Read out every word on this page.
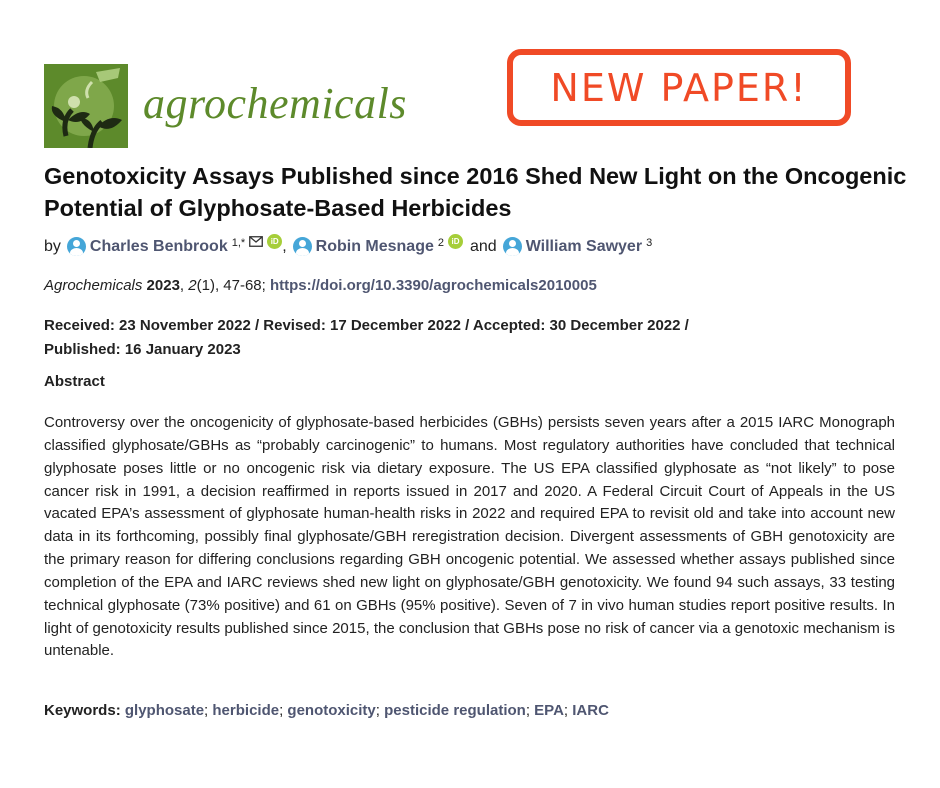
agrochemicals	NEW PAPER!
Genotoxicity Assays Published since 2016 Shed New Light on the Oncogenic Potential of Glyphosate-Based Herbicides
by Charles Benbrook $^{1,*}$	iD , Robin Mesnage $^2$ iD and William Sawyer $^3$
Agrochemicals 2023, 2(1), 47-68; https://doi.org/10.3390/agrochemicals2010005
Received: 23 November 2022 / Revised: 17 December 2022 / Accepted: 30 December 2022 /
Published: 16 January 2023
Abstract

Controversy over the oncogenicity of glyphosate-based herbicides (GBHs) persists seven years after a 2015 IARC Monograph classified glyphosate/GBHs as “probably carcinogenic” to humans. Most regulatory authorities have concluded that technical glyphosate poses little or no oncogenic risk via dietary exposure. The US EPA classified glyphosate as “not likely” to pose cancer risk in 1991, a decision reaffirmed in reports issued in 2017 and 2020. A Federal Circuit Court of Appeals in the US vacated EPA’s assessment of glyphosate human-health risks in 2022 and required EPA to revisit old and take into account new data in its forthcoming, possibly final glyphosate/GBH reregistration decision. Divergent assessments of GBH genotoxicity are the primary reason for differing conclusions regarding GBH oncogenic potential. We assessed whether assays published since completion of the EPA and IARC reviews shed new light on glyphosate/GBH genotoxicity. We found 94 such assays, 33 testing technical glyphosate (73% positive) and 61 on GBHs (95% positive). Seven of 7 in vivo human studies report positive results. In light of genotoxicity results published since 2015, the conclusion that GBHs pose no risk of cancer via a genotoxic mechanism is untenable.

Keywords: glyphosate; herbicide; genotoxicity; pesticide regulation; EPA; IARC
